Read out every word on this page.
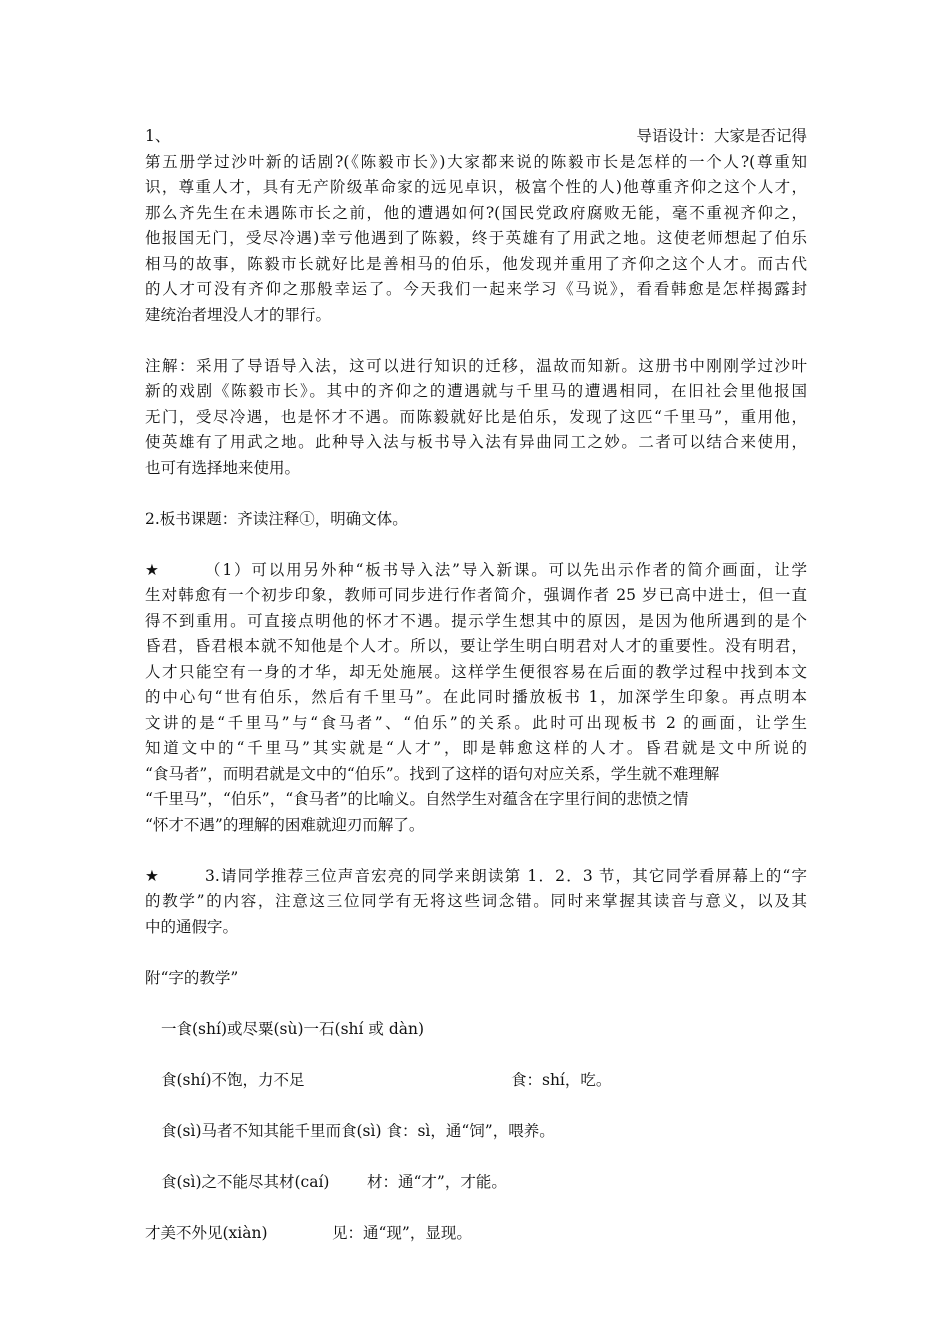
1、	导语设计：大家是否记得
第五册学过沙叶新的话剧?(《陈毅市长》)大家都来说的陈毅市长是怎样的一个人?(尊重知
识，尊重人才，具有无产阶级革命家的远见卓识，极富个性的人)他尊重齐仰之这个人才，
那么齐先生在未遇陈市长之前，他的遭遇如何?(国民党政府腐败无能，毫不重视齐仰之，
他报国无门，受尽冷遇)幸亏他遇到了陈毅，终于英雄有了用武之地。这使老师想起了伯乐
相马的故事，陈毅市长就好比是善相马的伯乐，他发现并重用了齐仰之这个人才。而古代
的人才可没有齐仰之那般幸运了。今天我们一起来学习《马说》，看看韩愈是怎样揭露封
建统治者埋没人才的罪行。
注解：采用了导语导入法，这可以进行知识的迁移，温故而知新。这册书中刚刚学过沙叶
新的戏剧《陈毅市长》。其中的齐仰之的遭遇就与千里马的遭遇相同，在旧社会里他报国
无门，受尽冷遇，也是怀才不遇。而陈毅就好比是伯乐，发现了这匹“千里马”，重用他，
使英雄有了用武之地。此种导入法与板书导入法有异曲同工之妙。二者可以结合来使用，
也可有选择地来使用。
2.板书课题：齐读注释①，明确文体。
★	（1）可以用另外种“板书导入法”导入新课。可以先出示作者的简介画面，让学
生对韩愈有一个初步印象，教师可同步进行作者简介，强调作者 25 岁已高中进士，但一直
得不到重用。可直接点明他的怀才不遇。提示学生想其中的原因，是因为他所遇到的是个
昏君，昏君根本就不知他是个人才。所以，要让学生明白明君对人才的重要性。没有明君，
人才只能空有一身的才华，却无处施展。这样学生便很容易在后面的教学过程中找到本文
的中心句“世有伯乐，然后有千里马”。在此同时播放板书 1，加深学生印象。再点明本
文讲的是“千里马”与“食马者”、“伯乐”的关系。此时可出现板书 2 的画面，让学生
知道文中的“千里马”其实就是“人才”，即是韩愈这样的人才。昏君就是文中所说的
“食马者”，而明君就是文中的“伯乐”。找到了这样的语句对应关系，学生就不难理解
“千里马”，“伯乐”，“食马者”的比喻义。自然学生对蕴含在字里行间的悲愤之情
“怀才不遇”的理解的困难就迎刃而解了。
★	3.请同学推荐三位声音宏亮的同学来朗读第 1．2．3 节，其它同学看屏幕上的“字
的教学”的内容，注意这三位同学有无将这些词念错。同时来掌握其读音与意义，以及其
中的通假字。
附“字的教学”
一食(shí)或尽粟(sù)一石(shí 或 dàn)
食(shí)不饱，力不足	食：shí，吃。
食(sì)马者不知其能千里而食(sì) 食：sì，通“饲”，喂养。
食(sì)之不能尽其材(caí) 材：通“才”，才能。
才美不外见(xiàn)	见：通“现”，显现。
